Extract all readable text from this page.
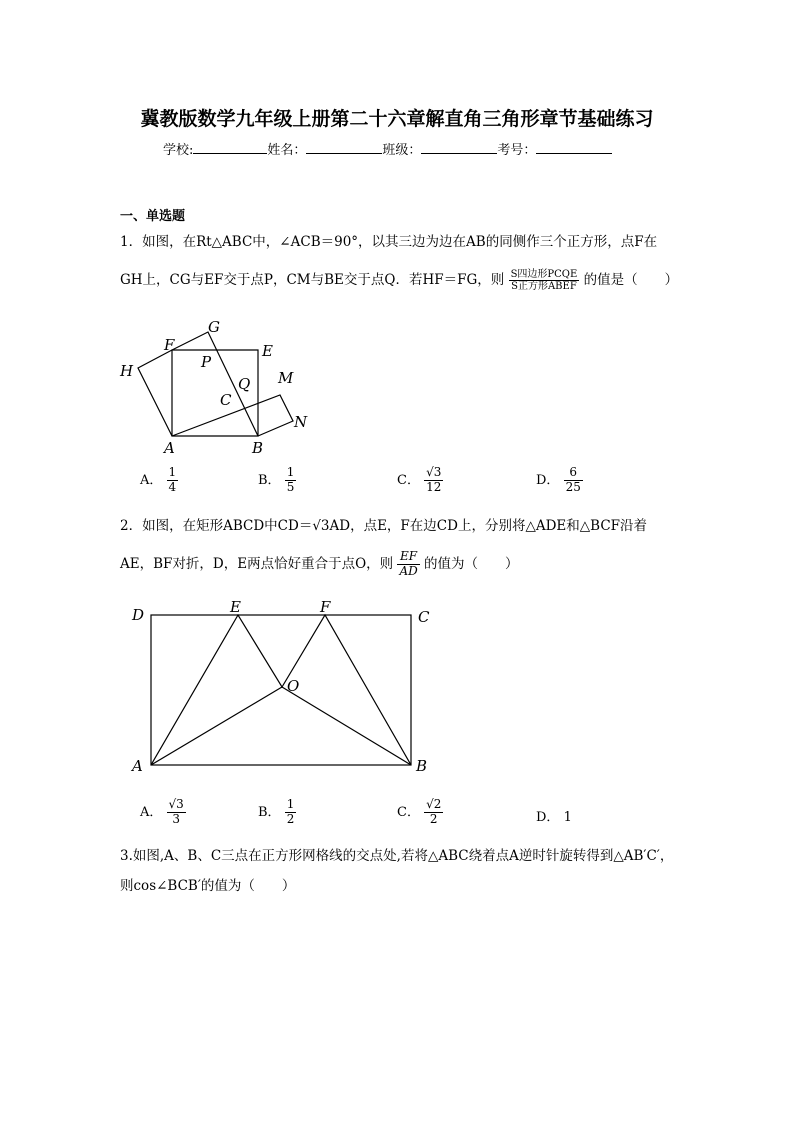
冀教版数学九年级上册第二十六章解直角三角形章节基础练习
学校:	姓名：	班级：	考号：
一、单选题
1．如图，在Rt△ABC中，∠ACB＝90°，以其三边为边在AB的同侧作三个正方形，点F在
GH上，CG与EF交于点P，CM与BE交于点Q．若HF＝FG，则 $\frac{\text{S四边形PCQE}}{\text{S正方形ABEF}}$ 的值是（　　）
F
G
E
H	P
M
Q
C
N
A	B
A． $\frac{1}{4}$	B． $\frac{1}{5}$	C． $\frac{√3}{12}$	D． $\frac{6}{25}$
2．如图，在矩形ABCD中CD＝√3AD，点E，F在边CD上，分别将△ADE和△BCF沿着
AE，BF对折，D，E两点恰好重合于点O，则 $\frac{EF}{AD}$ 的值为（　　）
D	E	F
C
O
A	B
A． $\frac{√3}{3}$	B． $\frac{1}{2}$	C． $\frac{√2}{2}$	D． 1
3.如图,A、B、C三点在正方形网格线的交点处,若将△ABC绕着点A逆时针旋转得到△AB′C′，
则cos∠BCB′的值为（　　）
